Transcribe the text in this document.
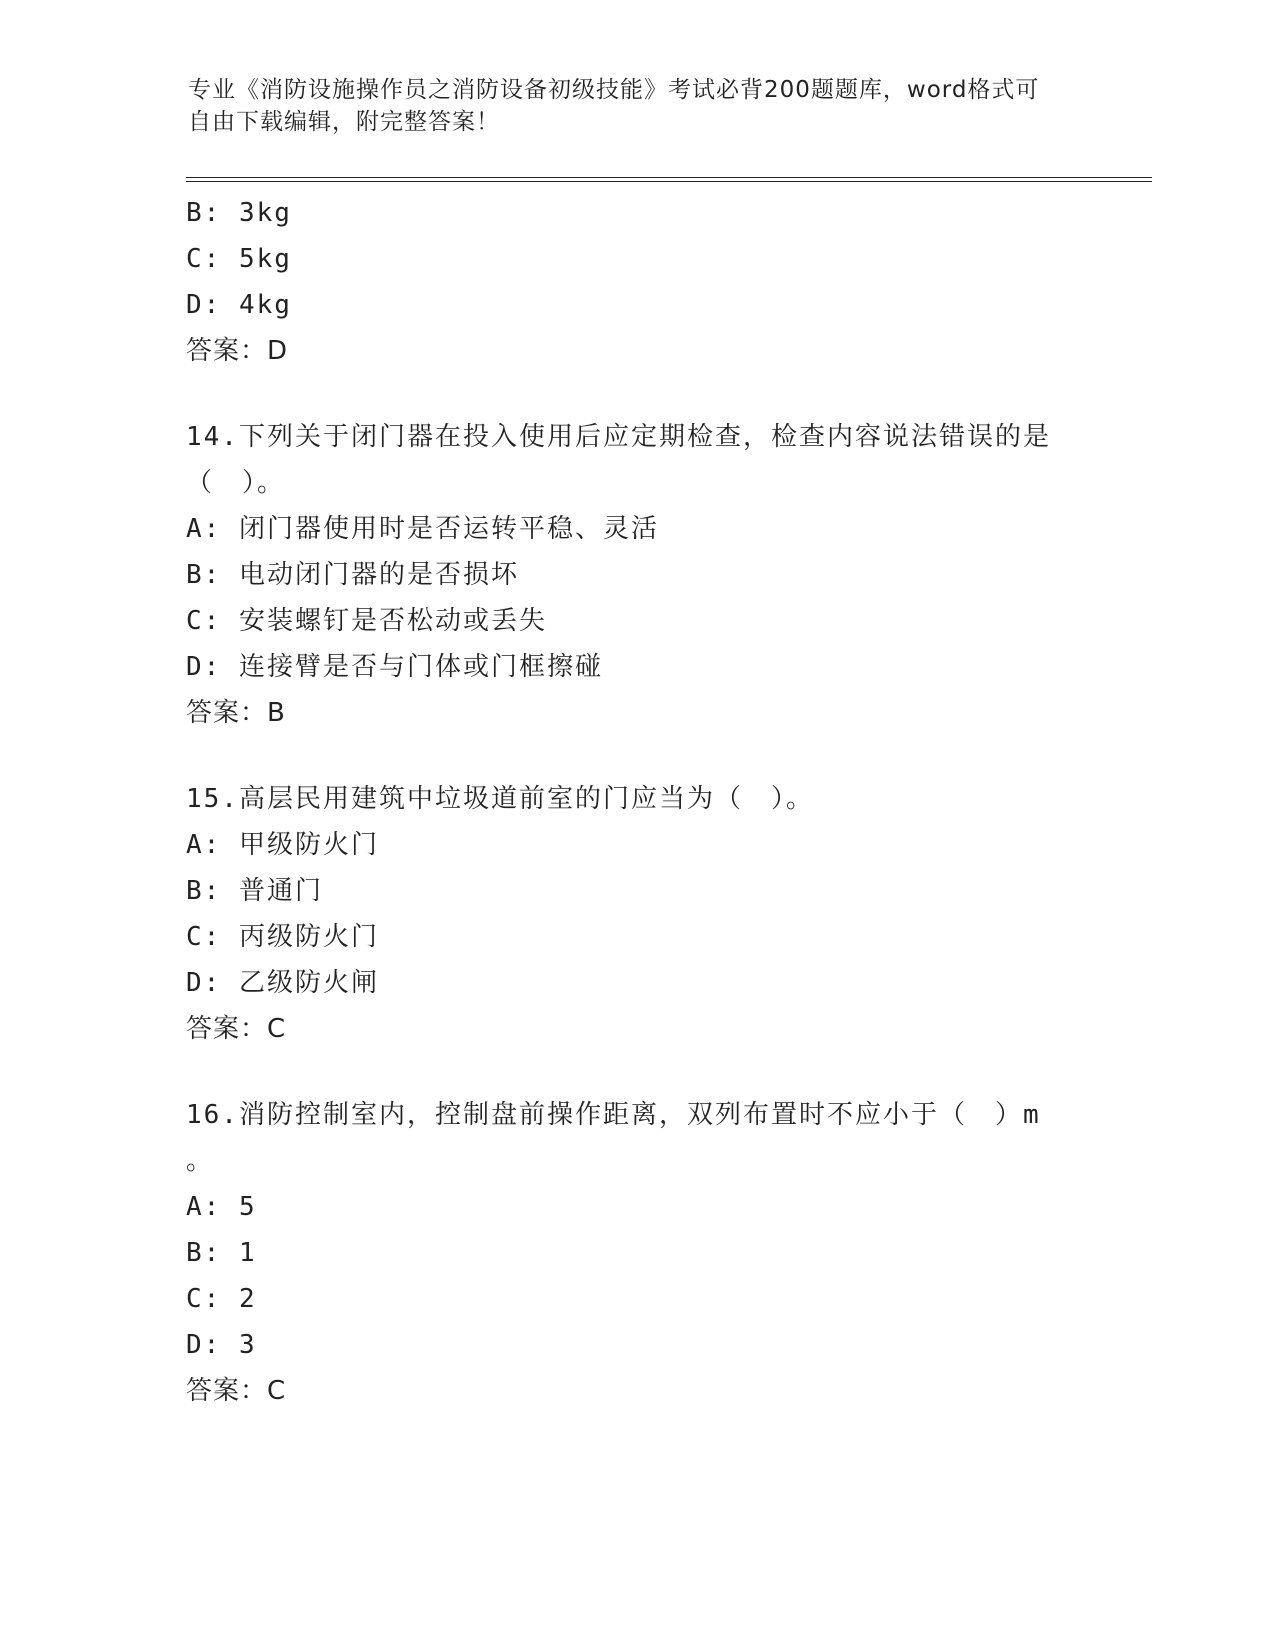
专业《消防设施操作员之消防设备初级技能》考试必背200题题库，word格式可
自由下载编辑，附完整答案！
B: 3kg
C: 5kg
D: 4kg
答案：D
14.下列关于闭门器在投入使用后应定期检查，检查内容说法错误的是
（　）。
A: 闭门器使用时是否运转平稳、灵活
B: 电动闭门器的是否损坏
C: 安装螺钉是否松动或丢失
D: 连接臂是否与门体或门框擦碰
答案：B
15.高层民用建筑中垃圾道前室的门应当为（　）。
A: 甲级防火门
B: 普通门
C: 丙级防火门
D: 乙级防火闸
答案：C
16.消防控制室内，控制盘前操作距离，双列布置时不应小于（　）m
。
A: 5
B: 1
C: 2
D: 3
答案：C
